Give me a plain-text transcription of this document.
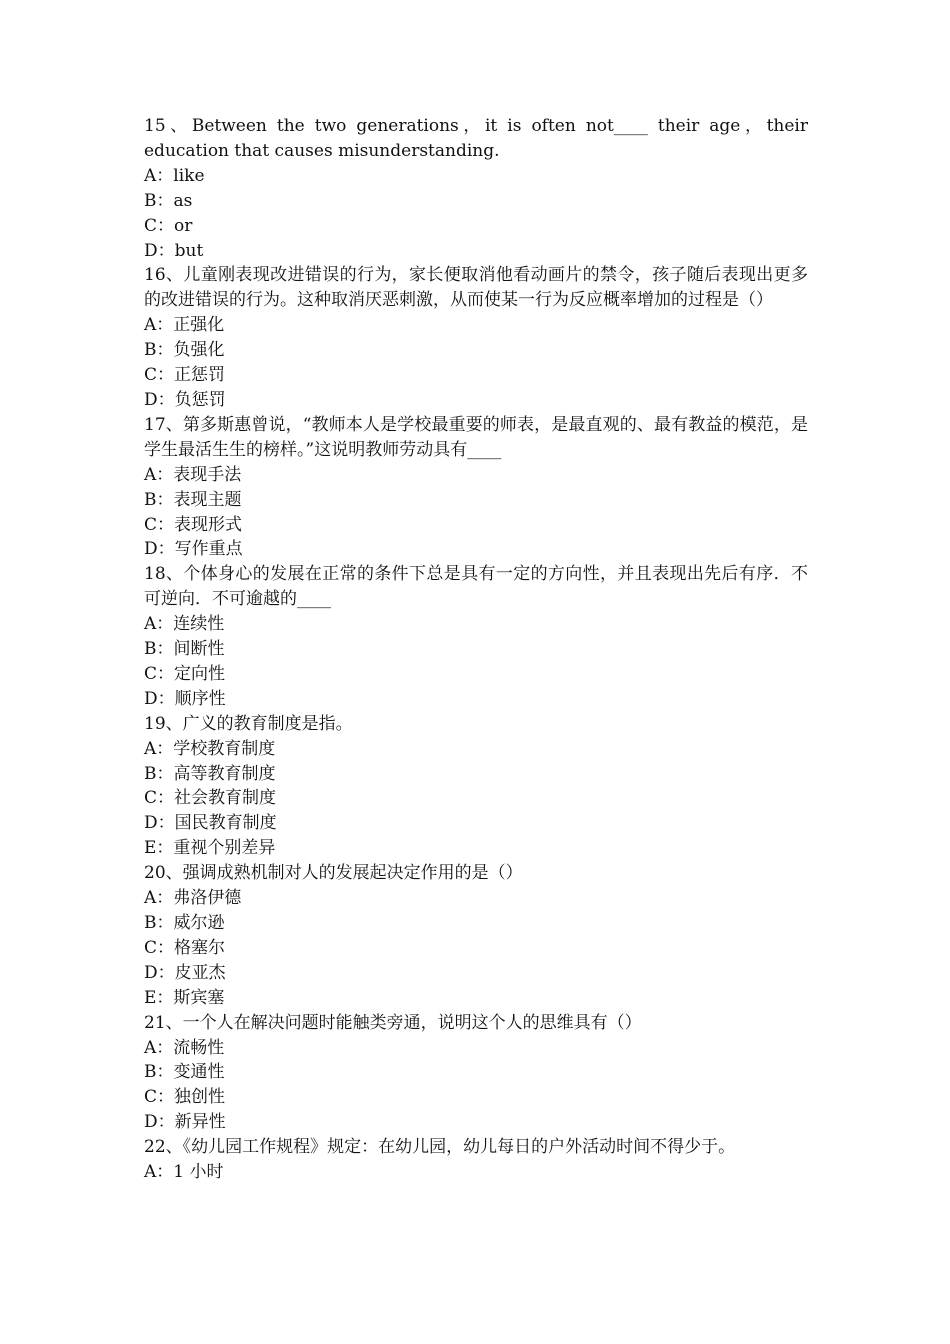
15、Between the two generations，it is often not____ their age，their education that causes misunderstanding.
A：like
B：as
C：or
D：but
16、儿童刚表现改进错误的行为，家长便取消他看动画片的禁令，孩子随后表现出更多的改进错误的行为。这种取消厌恶刺激，从而使某一行为反应概率增加的过程是（）
A：正强化
B：负强化
C：正惩罚
D：负惩罚
17、第多斯惠曾说，“教师本人是学校最重要的师表，是最直观的、最有教益的模范，是学生最活生生的榜样。”这说明教师劳动具有____
A：表现手法
B：表现主题
C：表现形式
D：写作重点
18、个体身心的发展在正常的条件下总是具有一定的方向性，并且表现出先后有序．不可逆向．不可逾越的____
A：连续性
B：间断性
C：定向性
D：顺序性
19、广义的教育制度是指。
A：学校教育制度
B：高等教育制度
C：社会教育制度
D：国民教育制度
E：重视个别差异
20、强调成熟机制对人的发展起决定作用的是（）
A：弗洛伊德
B：威尔逊
C：格塞尔
D：皮亚杰
E：斯宾塞
21、一个人在解决问题时能触类旁通，说明这个人的思维具有（）
A：流畅性
B：变通性
C：独创性
D：新异性
22、《幼儿园工作规程》规定：在幼儿园，幼儿每日的户外活动时间不得少于。
A：1 小时
